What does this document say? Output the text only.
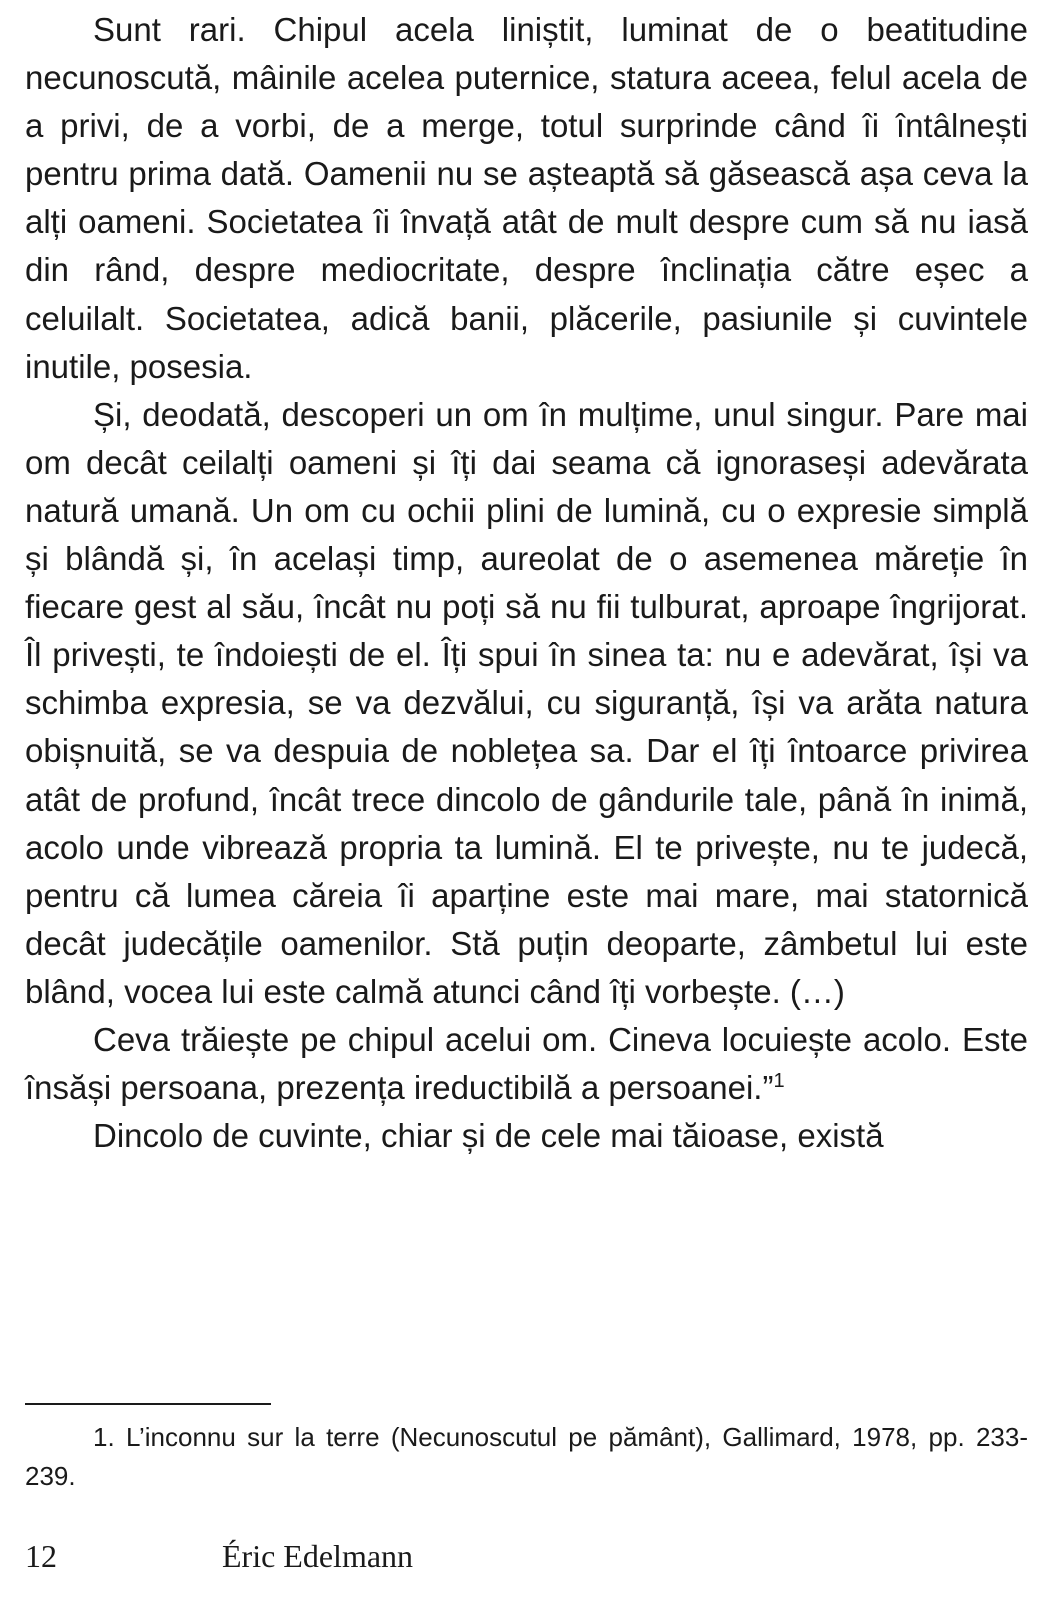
Sunt rari. Chipul acela liniștit, luminat de o beatitudine necunoscută, mâinile acelea puternice, statura aceea, felul acela de a privi, de a vorbi, de a merge, totul surprinde când îi întâlnești pentru prima dată. Oamenii nu se așteaptă să găsească așa ceva la alți oameni. Societatea îi învață atât de mult despre cum să nu iasă din rând, despre mediocritate, despre înclinația către eșec a celuilalt. Societatea, adică banii, plăcerile, pasiunile și cuvintele inutile, posesia.

Și, deodată, descoperi un om în mulțime, unul singur. Pare mai om decât ceilalți oameni și îți dai seama că ignoraseși adevărata natură umană. Un om cu ochii plini de lumină, cu o expresie simplă și blândă și, în același timp, aureolat de o asemenea măreție în fiecare gest al său, încât nu poți să nu fii tulburat, aproape îngrijorat. Îl privești, te îndoiești de el. Îți spui în sinea ta: nu e adevărat, își va schimba expresia, se va dezvălui, cu siguranță, își va arăta natura obișnuită, se va despuia de noblețea sa. Dar el îți întoarce privirea atât de profund, încât trece dincolo de gândurile tale, până în inimă, acolo unde vibrează propria ta lumină. El te privește, nu te judecă, pentru că lumea căreia îi aparține este mai mare, mai statornică decât judecățile oamenilor. Stă puțin deoparte, zâmbetul lui este blând, vocea lui este calmă atunci când îți vorbește. (…)

Ceva trăiește pe chipul acelui om. Cineva locuiește acolo. Este însăși persoana, prezența ireductibilă a persoanei.”$^1$

Dincolo de cuvinte, chiar și de cele mai tăioase, există

1. L’inconnu sur la terre (Necunoscutul pe pământ), Gallimard, 1978, pp. 233-239.

12	Éric Edelmann
